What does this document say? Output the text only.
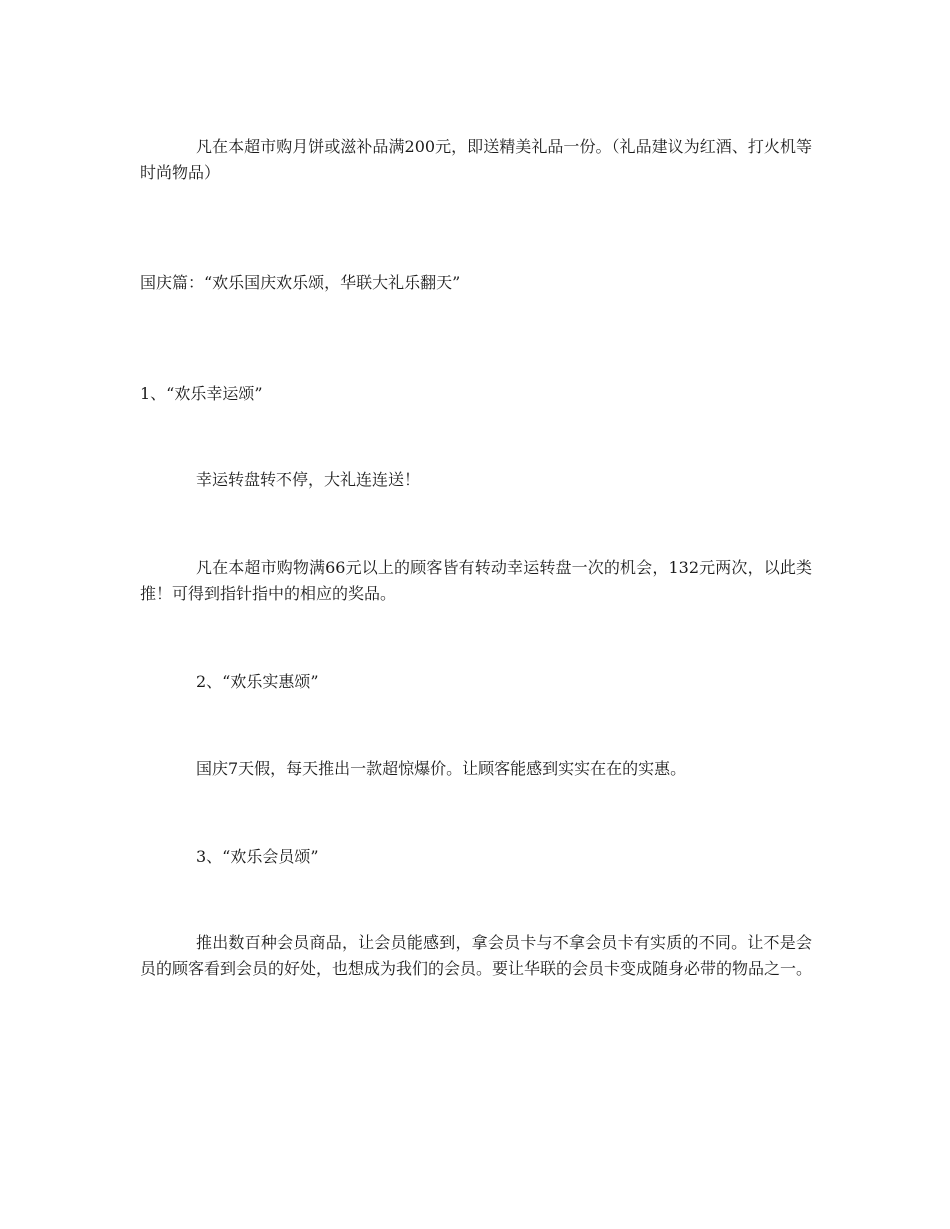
凡在本超市购月饼或滋补品满200元，即送精美礼品一份。（礼品建议为红酒、打火机等时尚物品）

国庆篇：“欢乐国庆欢乐颂，华联大礼乐翻天”

1、“欢乐幸运颂”

幸运转盘转不停，大礼连连送！

凡在本超市购物满66元以上的顾客皆有转动幸运转盘一次的机会，132元两次，以此类推！可得到指针指中的相应的奖品。

2、“欢乐实惠颂”

国庆7天假，每天推出一款超惊爆价。让顾客能感到实实在在的实惠。

3、“欢乐会员颂”

推出数百种会员商品，让会员能感到，拿会员卡与不拿会员卡有实质的不同。让不是会员的顾客看到会员的好处，也想成为我们的会员。要让华联的会员卡变成随身必带的物品之一。
